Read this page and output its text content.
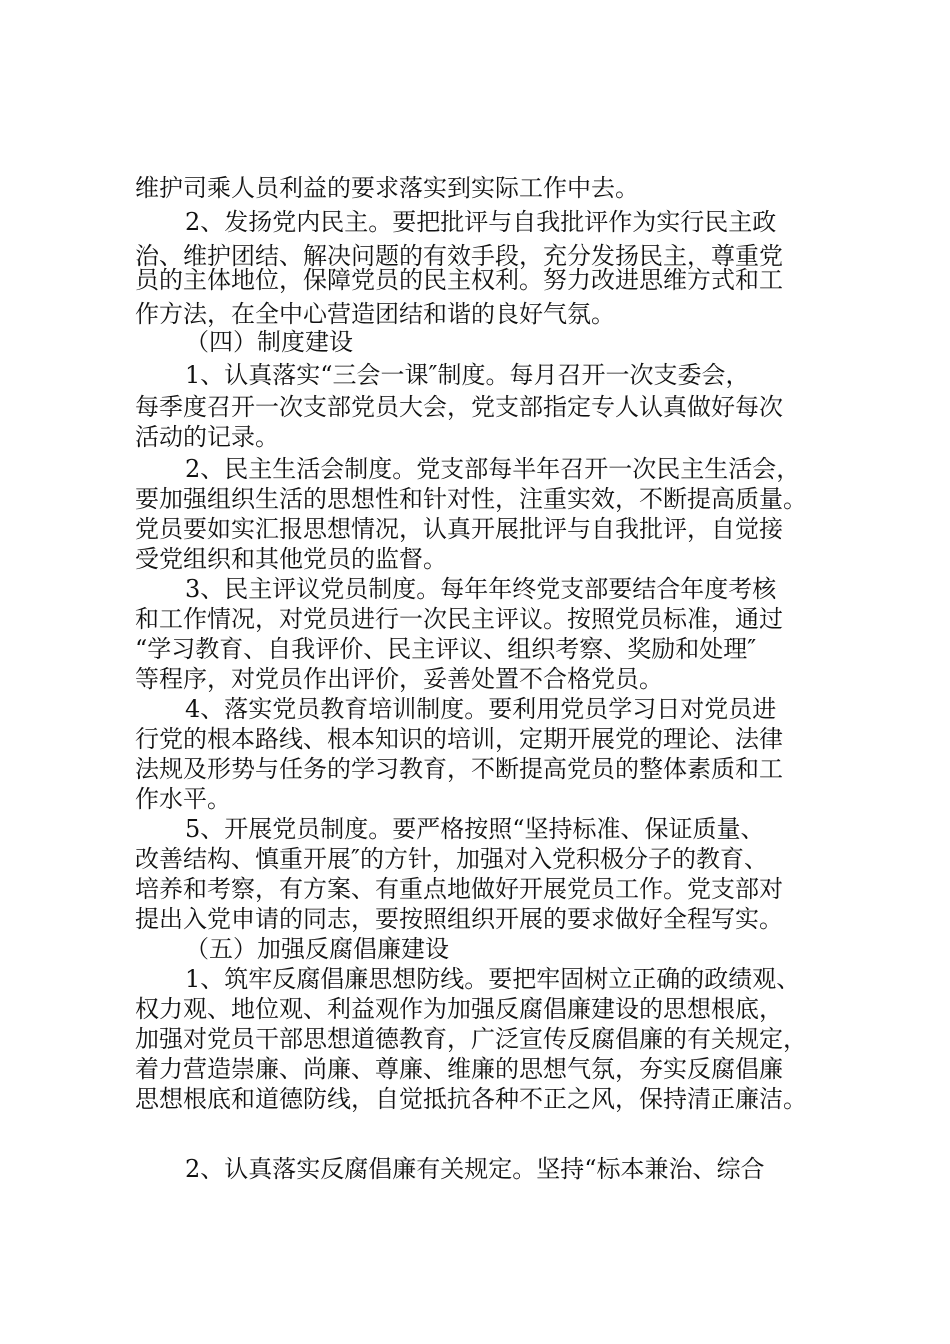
维护司乘人员利益的要求落实到实际工作中去。
2、发扬党内民主。要把批评与自我批评作为实行民主政
治、维护团结、解决问题的有效手段，充分发扬民主，尊重党
员的主体地位，保障党员的民主权利。努力改进思维方式和工
作方法，在全中心营造团结和谐的良好气氛。
（四）制度建设
1、认真落实“三会一课″制度。每月召开一次支委会，
每季度召开一次支部党员大会，党支部指定专人认真做好每次
活动的记录。
2、民主生活会制度。党支部每半年召开一次民主生活会，
要加强组织生活的思想性和针对性，注重实效，不断提高质量。
党员要如实汇报思想情况，认真开展批评与自我批评，自觉接
受党组织和其他党员的监督。
3、民主评议党员制度。每年年终党支部要结合年度考核
和工作情况，对党员进行一次民主评议。按照党员标准，通过
“学习教育、自我评价、民主评议、组织考察、奖励和处理″
等程序，对党员作出评价，妥善处置不合格党员。
4、落实党员教育培训制度。要利用党员学习日对党员进
行党的根本路线、根本知识的培训，定期开展党的理论、法律
法规及形势与任务的学习教育，不断提高党员的整体素质和工
作水平。
5、开展党员制度。要严格按照“坚持标准、保证质量、
改善结构、慎重开展″的方针，加强对入党积极分子的教育、
培养和考察，有方案、有重点地做好开展党员工作。党支部对
提出入党申请的同志，要按照组织开展的要求做好全程写实。
（五）加强反腐倡廉建设
1、筑牢反腐倡廉思想防线。要把牢固树立正确的政绩观、
权力观、地位观、利益观作为加强反腐倡廉建设的思想根底，
加强对党员干部思想道德教育，广泛宣传反腐倡廉的有关规定，
着力营造崇廉、尚廉、尊廉、维廉的思想气氛，夯实反腐倡廉
思想根底和道德防线，自觉抵抗各种不正之风，保持清正廉洁。
2、认真落实反腐倡廉有关规定。坚持“标本兼治、综合
